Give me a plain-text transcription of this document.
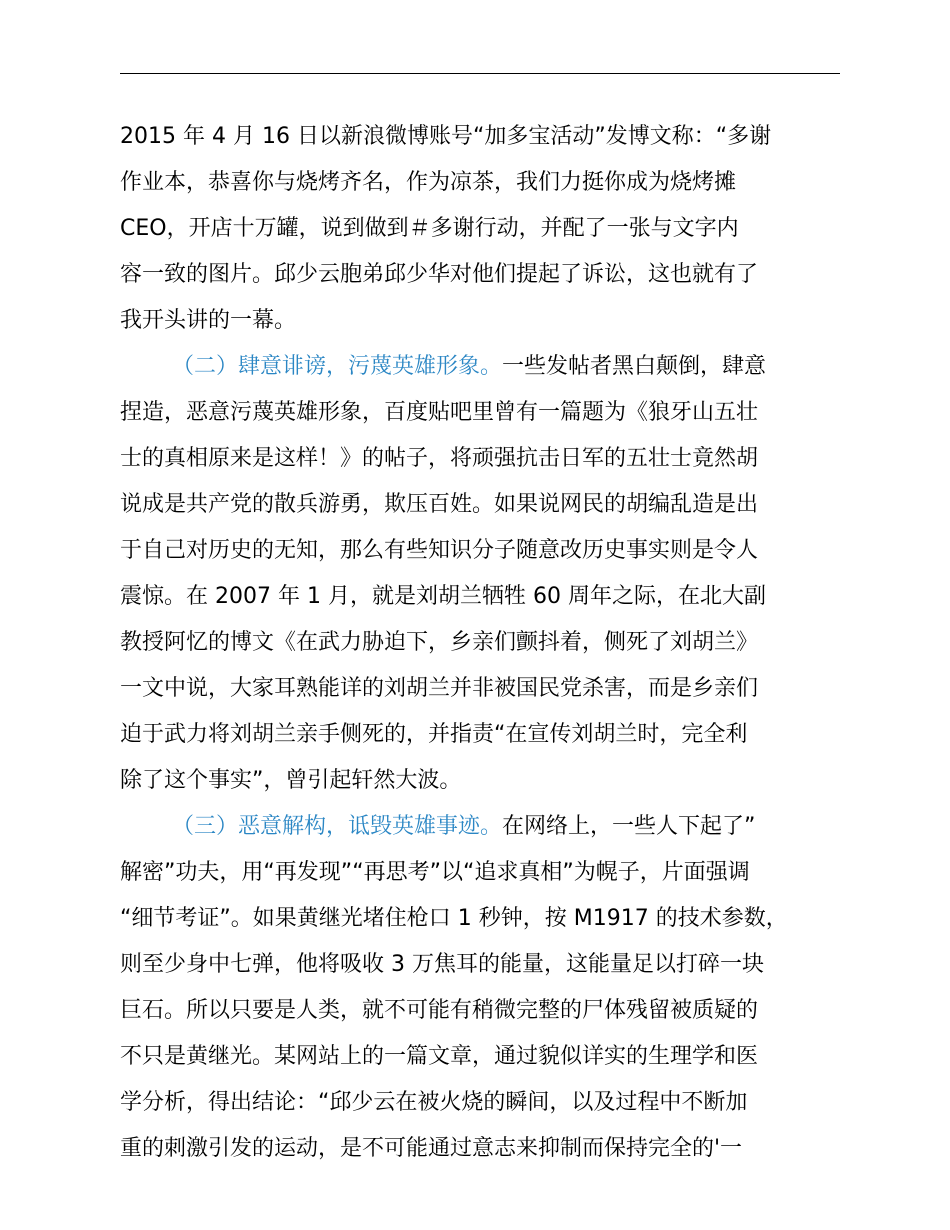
2015 年 4 月 16 日以新浪微博账号“加多宝活动”发博文称：“多谢
作业本，恭喜你与烧烤齐名，作为凉茶，我们力挺你成为烧烤摊
CEO，开店十万罐，说到做到＃多谢行动，并配了一张与文字内
容一致的图片。邱少云胞弟邱少华对他们提起了诉讼，这也就有了
我开头讲的一幕。
（二）肆意诽谤，污蔑英雄形象。一些发帖者黑白颠倒，肆意
捏造，恶意污蔑英雄形象，百度贴吧里曾有一篇题为《狼牙山五壮
士的真相原来是这样！》的帖子，将顽强抗击日军的五壮士竟然胡
说成是共产党的散兵游勇，欺压百姓。如果说网民的胡编乱造是出
于自己对历史的无知，那么有些知识分子随意改历史事实则是令人
震惊。在 2007 年 1 月，就是刘胡兰牺牲 60 周年之际，在北大副
教授阿忆的博文《在武力胁迫下，乡亲们颤抖着，侧死了刘胡兰》
一文中说，大家耳熟能详的刘胡兰并非被国民党杀害，而是乡亲们
迫于武力将刘胡兰亲手侧死的，并指责“在宣传刘胡兰时，完全利
除了这个事实”，曾引起轩然大波。
（三）恶意解构，诋毁英雄事迹。在网络上，一些人下起了”
解密”功夫，用“再发现”“再思考”以“追求真相”为幌子，片面强调
“细节考证”。如果黄继光堵住枪口 1 秒钟，按 M1917 的技术参数，
则至少身中七弹，他将吸收 3 万焦耳的能量，这能量足以打碎一块
巨石。所以只要是人类，就不可能有稍微完整的尸体残留被质疑的
不只是黄继光。某网站上的一篇文章，通过貌似详实的生理学和医
学分析，得出结论：“邱少云在被火烧的瞬间，以及过程中不断加
重的刺激引发的运动，是不可能通过意志来抑制而保持完全的'一
